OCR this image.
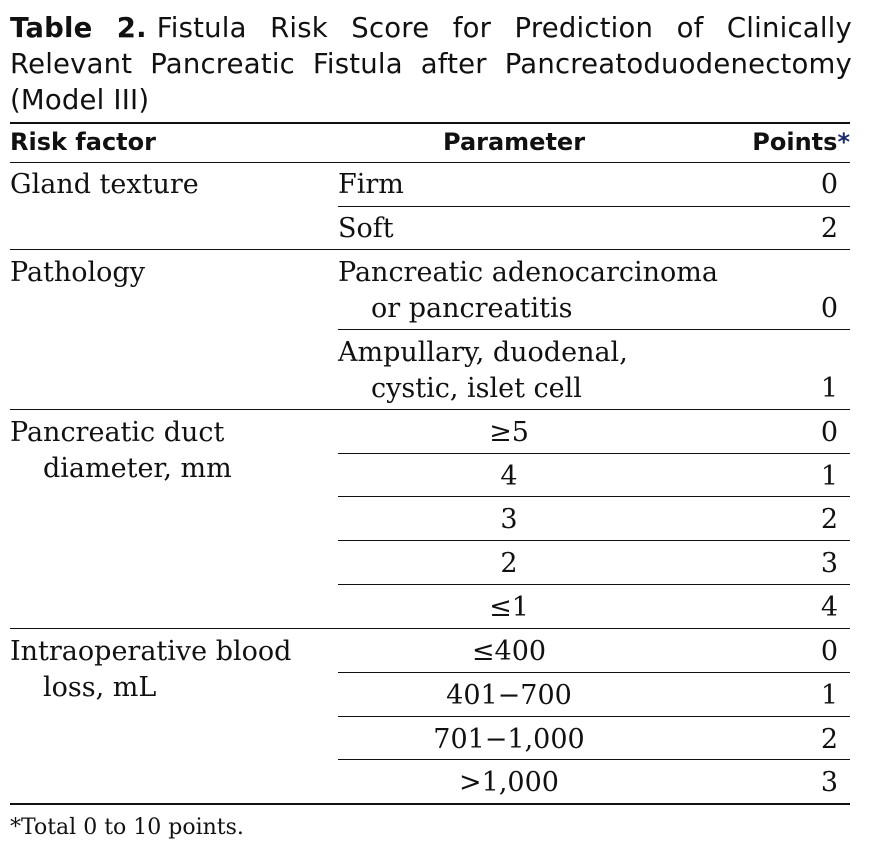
Table 2. Fistula Risk Score for Prediction of Clinically Relevant Pancreatic Fistula after Pancreatoduodenectomy (Model III)
Risk factor	Parameter	Points*
Gland texture	Firm	0
Soft	2
Pathology	Pancreatic adenocarcinoma
or pancreatitis	0
Ampullary, duodenal,
cystic, islet cell	1
Pancreatic duct
diameter, mm
≥5	0
4	1
3	2
2	3
≤1	4
Intraoperative blood
loss, mL
≤400	0
401−700	1
701−1,000	2
>1,000	3
*Total 0 to 10 points.
